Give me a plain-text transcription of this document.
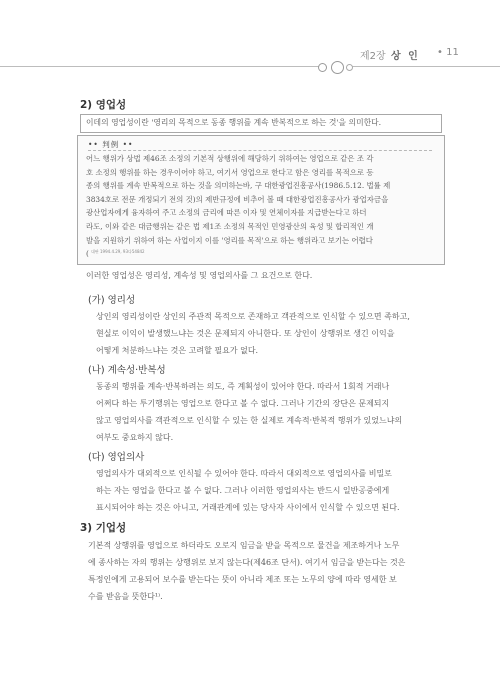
제2장 상 인 • 11
2) 영업성
이데의 영업성이란 '영리의 목적으로 동종 행위를 계속 반복적으로 하는 것'을 의미한다.
•• 判例 ••
어느 행위가 상법 제46조 소정의 기본적 상행위에 해당하기 위하여는 영업으로 같은 조 각
호 소정의 행위를 하는 경우이어야 하고, 여기서 영업으로 한다고 함은 영리를 목적으로 동
종의 행위를 계속 반복적으로 하는 것을 의미하는바, 구 대한광업진흥공사(1986.5.12. 법률 제
3834호로 전문 개정되기 전의 것)의 제반규정에 비추어 볼 때 대한광업진흥공사가 광업자금을
광산업자에게 융자하여 주고 소정의 금리에 따른 이자 및 연체이자를 지급받는다고 하더
라도, 이와 같은 대금행위는 같은 법 제1조 소정의 목적인 민영광산의 육성 및 합리적인 개
발을 지원하기 위하여 하는 사업이지 이를 '영리를 목적'으로 하는 행위라고 보기는 어렵다
( 대판 1994.4.29, 93다54842
이러한 영업성은 영리성, 계속성 및 영업의사를 그 요건으로 한다.
(가) 영리성
상인의 영리성이란 상인의 주관적 목적으로 존재하고 객관적으로 인식할 수 있으면 족하고,
현실로 이익이 발생했느냐는 것은 문제되지 아니한다. 또 상인이 상행위로 생긴 이익을
어떻게 처분하느냐는 것은 고려할 필요가 없다.
(나) 계속성·반복성
동종의 행위를 계속·반복하려는 의도, 즉 계획성이 있어야 한다. 따라서 1회적 거래나
어쩌다 하는 투기행위는 영업으로 한다고 볼 수 없다. 그러나 기간의 장단은 문제되지
않고 영업의사를 객관적으로 인식할 수 있는 한 실제로 계속적·반복적 행위가 있었느냐의
여부도 중요하지 않다.
(다) 영업의사
영업의사가 대외적으로 인식될 수 있어야 한다. 따라서 대외적으로 영업의사를 비밀로
하는 자는 영업을 한다고 볼 수 없다. 그러나 이러한 영업의사는 반드시 일반공중에게
표시되어야 하는 것은 아니고, 거래관계에 있는 당사자 사이에서 인식할 수 있으면 된다.
3) 기업성
기본적 상행위를 영업으로 하더라도 오로지 임금을 받을 목적으로 물건을 제조하거나 노무
에 종사하는 자의 행위는 상행위로 보지 않는다(제46조 단서). 여기서 임금을 받는다는 것은
특정인에게 고용되어 보수를 받는다는 뜻이 아니라 제조 또는 노무의 양에 따라 영세한 보
수를 받음을 뜻한다¹⁾.
